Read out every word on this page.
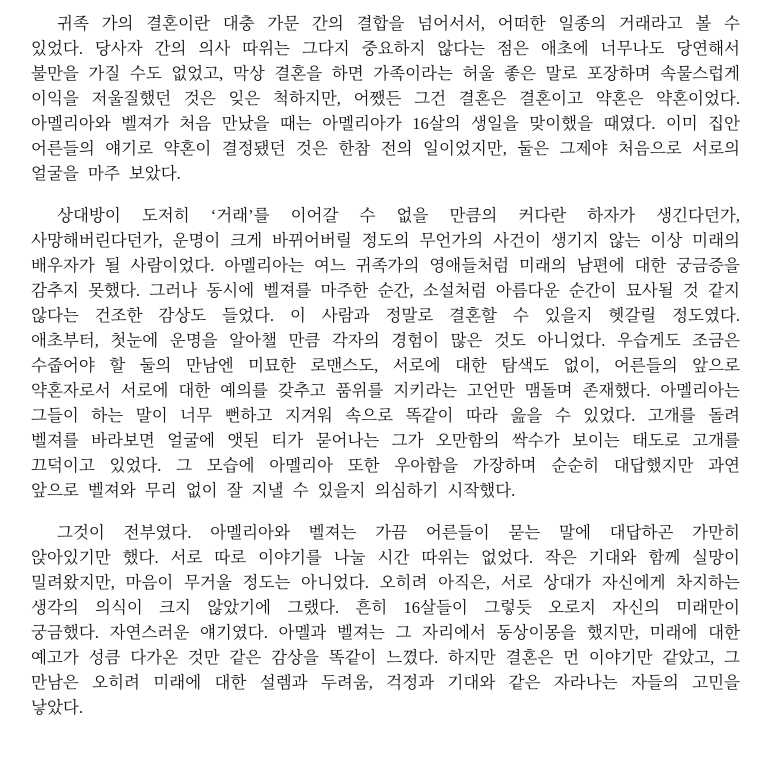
귀족 가의 결혼이란 대충 가문 간의 결합을 넘어서서, 어떠한 일종의 거래라고 볼 수 있었다. 당사자 간의 의사 따위는 그다지 중요하지 않다는 점은 애초에 너무나도 당연해서 불만을 가질 수도 없었고, 막상 결혼을 하면 가족이라는 허울 좋은 말로 포장하며 속물스럽게 이익을 저울질했던 것은 잊은 척하지만, 어쨌든 그건 결혼은 결혼이고 약혼은 약혼이었다. 아멜리아와 벨져가 처음 만났을 때는 아멜리아가 16살의 생일을 맞이했을 때였다. 이미 집안 어른들의 얘기로 약혼이 결정됐던 것은 한참 전의 일이었지만, 둘은 그제야 처음으로 서로의 얼굴을 마주 보았다.

상대방이 도저히 ‘거래’를 이어갈 수 없을 만큼의 커다란 하자가 생긴다던가, 사망해버린다던가, 운명이 크게 바뀌어버릴 정도의 무언가의 사건이 생기지 않는 이상 미래의 배우자가 될 사람이었다. 아멜리아는 여느 귀족가의 영애들처럼 미래의 남편에 대한 궁금증을 감추지 못했다. 그러나 동시에 벨져를 마주한 순간, 소설처럼 아름다운 순간이 묘사될 것 같지 않다는 건조한 감상도 들었다. 이 사람과 정말로 결혼할 수 있을지 헷갈릴 정도였다. 애초부터, 첫눈에 운명을 알아챌 만큼 각자의 경험이 많은 것도 아니었다. 우습게도 조금은 수줍어야 할 둘의 만남엔 미묘한 로맨스도, 서로에 대한 탐색도 없이, 어른들의 앞으로 약혼자로서 서로에 대한 예의를 갖추고 품위를 지키라는 고언만 맴돌며 존재했다. 아멜리아는 그들이 하는 말이 너무 뻔하고 지겨워 속으로 똑같이 따라 읊을 수 있었다. 고개를 돌려 벨져를 바라보면 얼굴에 앳된 티가 묻어나는 그가 오만함의 싹수가 보이는 태도로 고개를 끄덕이고 있었다. 그 모습에 아멜리아 또한 우아함을 가장하며 순순히 대답했지만 과연 앞으로 벨져와 무리 없이 잘 지낼 수 있을지 의심하기 시작했다.

그것이 전부였다. 아멜리아와 벨져는 가끔 어른들이 묻는 말에 대답하곤 가만히 앉아있기만 했다. 서로 따로 이야기를 나눌 시간 따위는 없었다. 작은 기대와 함께 실망이 밀려왔지만, 마음이 무거울 정도는 아니었다. 오히려 아직은, 서로 상대가 자신에게 차지하는 생각의 의식이 크지 않았기에 그랬다. 흔히 16살들이 그렇듯 오로지 자신의 미래만이 궁금했다. 자연스러운 얘기였다. 아멜과 벨져는 그 자리에서 동상이몽을 했지만, 미래에 대한 예고가 성큼 다가온 것만 같은 감상을 똑같이 느꼈다. 하지만 결혼은 먼 이야기만 같았고, 그 만남은 오히려 미래에 대한 설렘과 두려움, 걱정과 기대와 같은 자라나는 자들의 고민을 낳았다.
